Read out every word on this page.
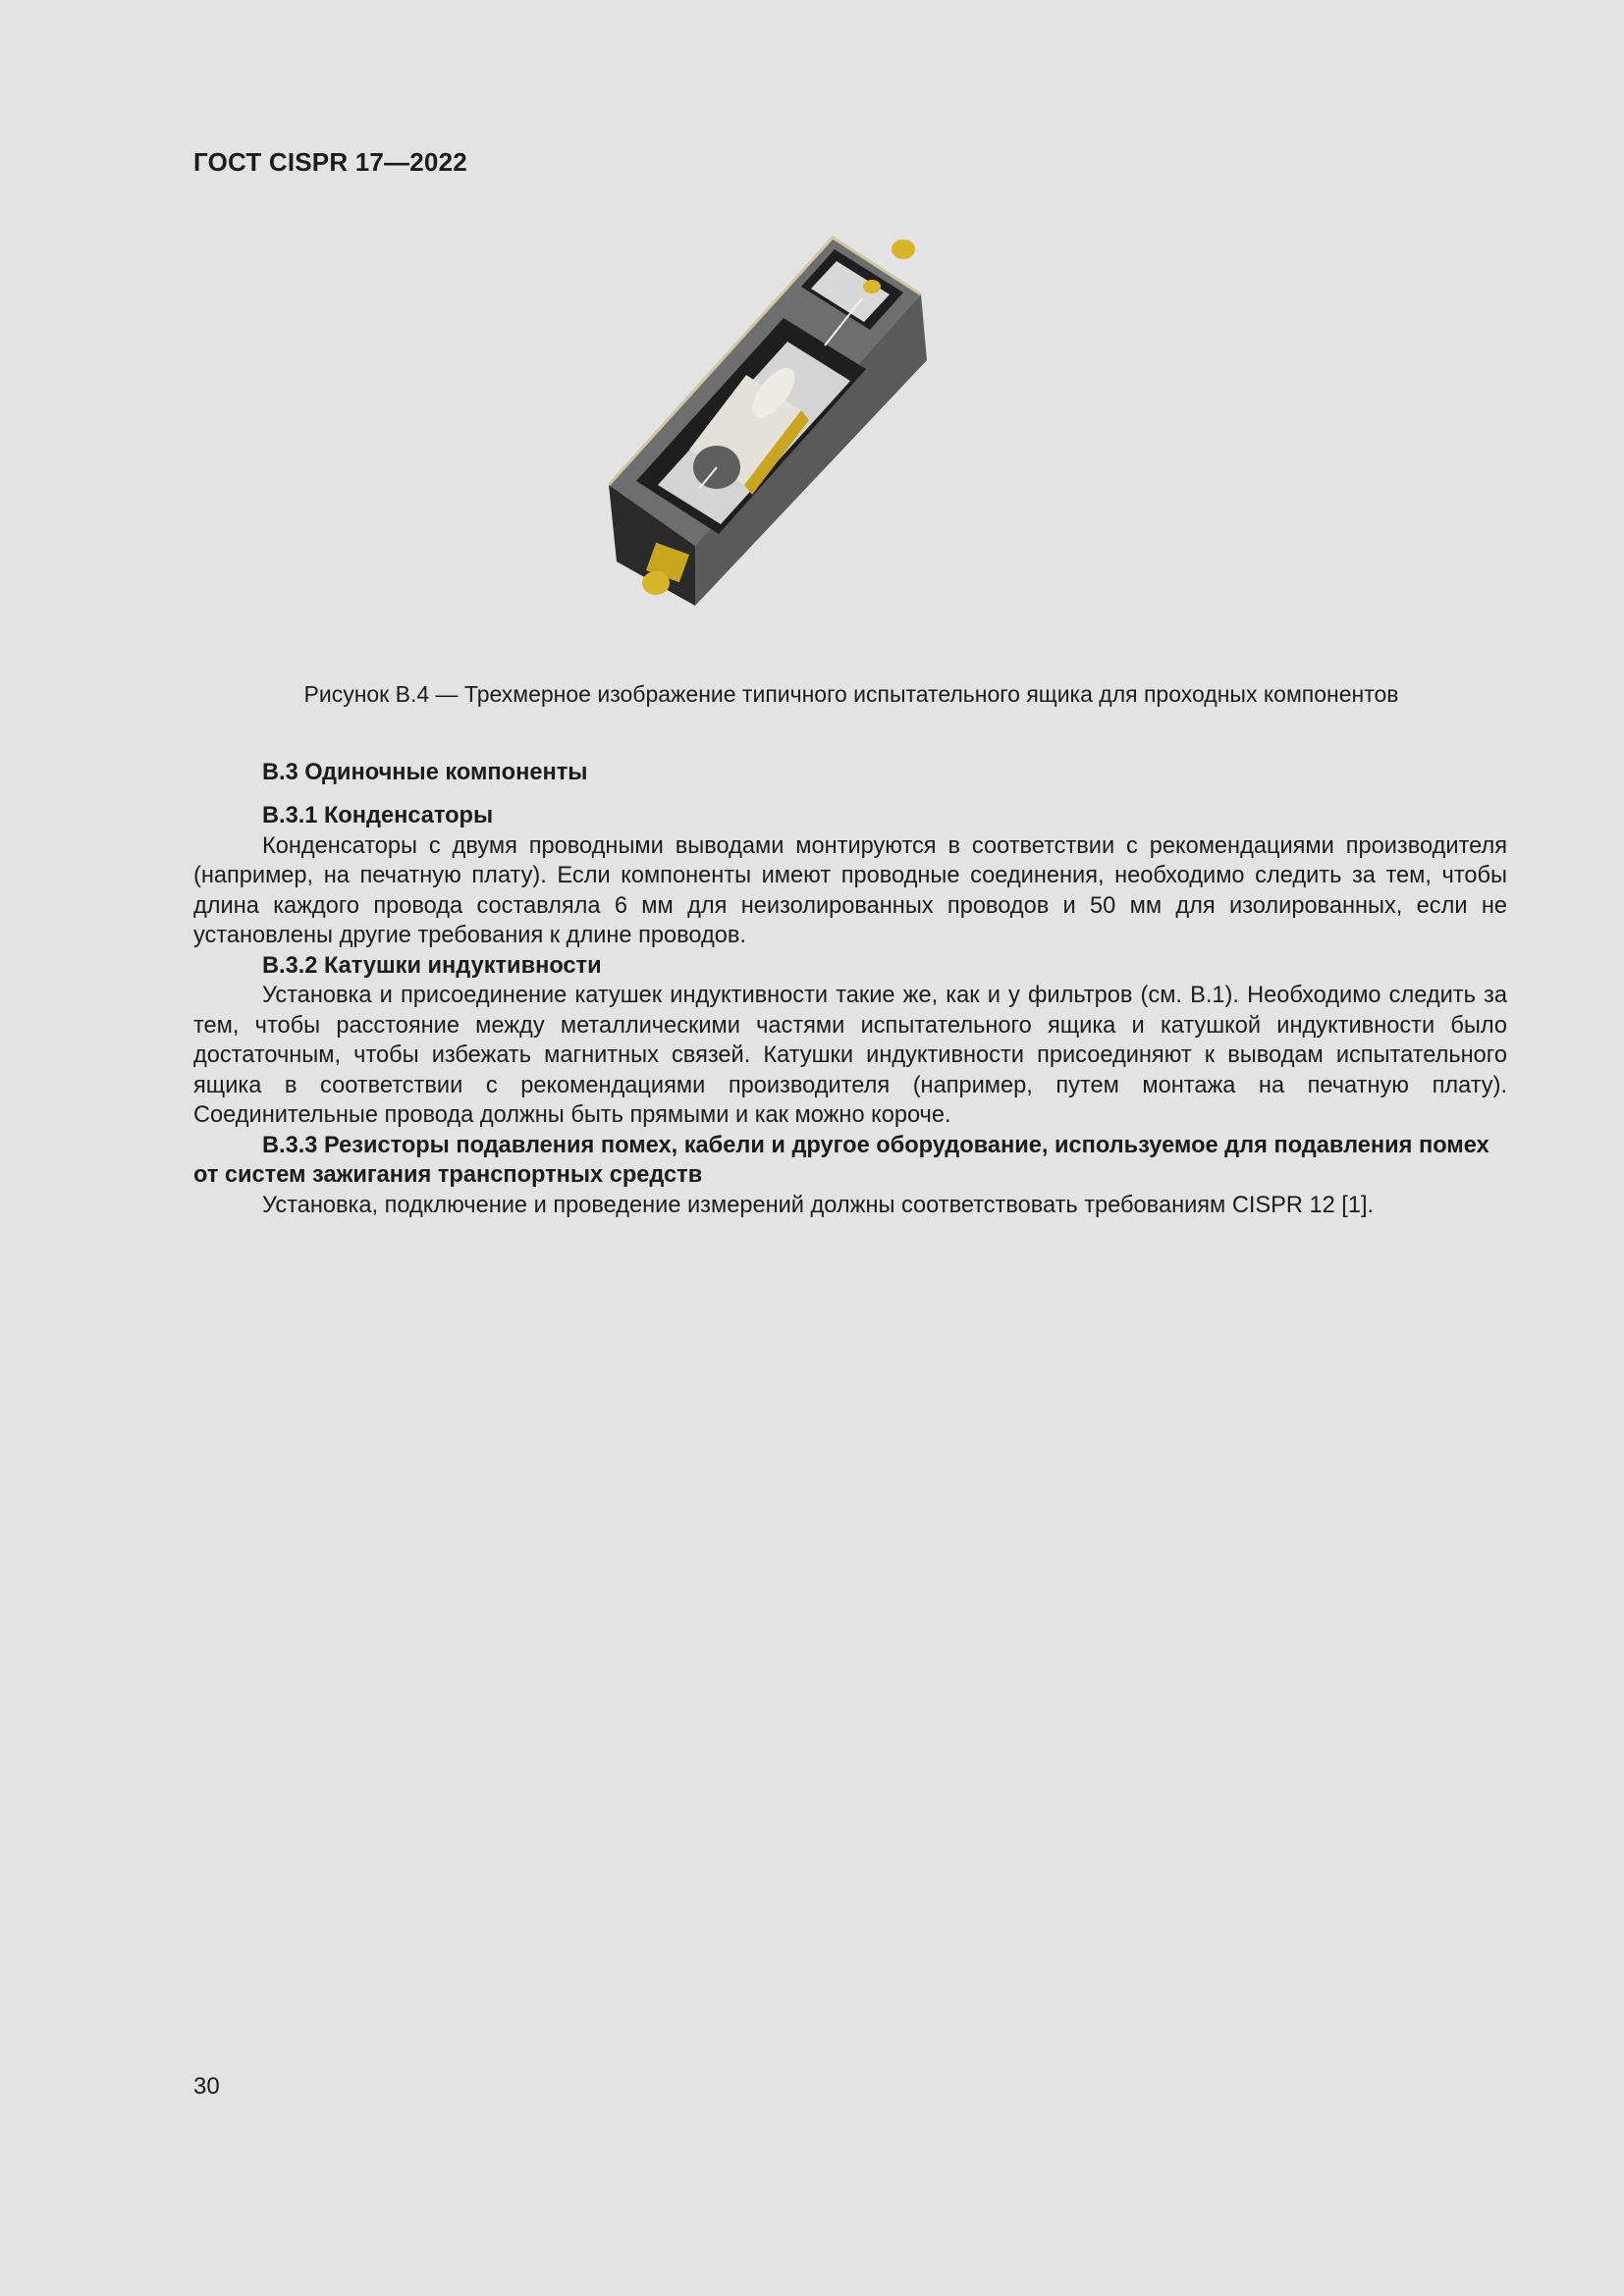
ГОСТ CISPR 17—2022
Рисунок B.4 — Трехмерное изображение типичного испытательного ящика для проходных компонентов
B.3 Одиночные компоненты
B.3.1 Конденсаторы

Конденсаторы с двумя проводными выводами монтируются в соответствии с рекомендациями производителя (например, на печатную плату). Если компоненты имеют проводные соединения, необходимо следить за тем, чтобы длина каждого провода составляла 6 мм для неизолированных проводов и 50 мм для изолированных, если не установлены другие требования к длине проводов.

B.3.2 Катушки индуктивности

Установка и присоединение катушек индуктивности такие же, как и у фильтров (см. B.1). Необходимо следить за тем, чтобы расстояние между металлическими частями испытательного ящика и катушкой индуктивности было достаточным, чтобы избежать магнитных связей. Катушки индуктивности присоединяют к выводам испытательного ящика в соответствии с рекомендациями производителя (например, путем монтажа на печатную плату). Соединительные провода должны быть прямыми и как можно короче.

B.3.3 Резисторы подавления помех, кабели и другое оборудование, используемое для подавления помех от систем зажигания транспортных средств

Установка, подключение и проведение измерений должны соответствовать требованиям CISPR 12 [1].

30
